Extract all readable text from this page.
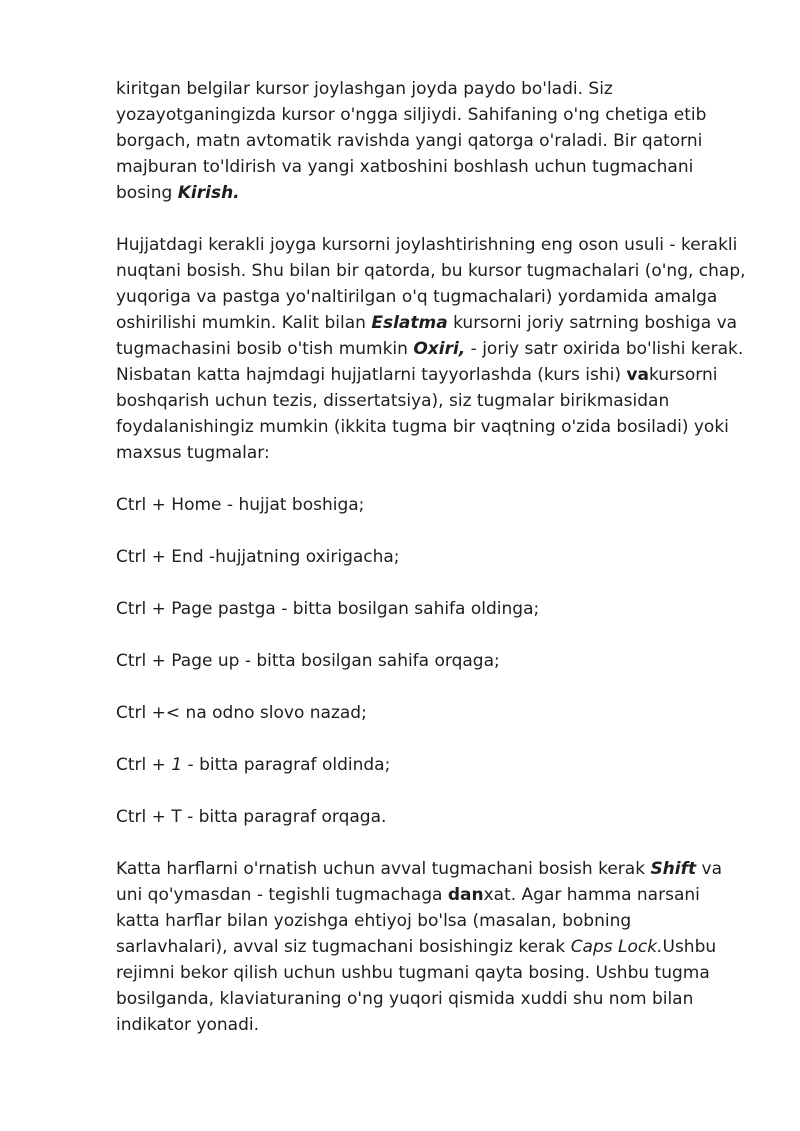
kiritgan belgilar kursor joylashgan joyda paydo bo'ladi. Siz yozayotganingizda kursor o'ngga siljiydi. Sahifaning o'ng chetiga etib borgach, matn avtomatik ravishda yangi qatorga o'raladi. Bir qatorni majburan to'ldirish va yangi xatboshini boshlash uchun tugmachani bosing Kirish.

Hujjatdagi kerakli joyga kursorni joylashtirishning eng oson usuli - kerakli nuqtani bosish. Shu bilan bir qatorda, bu kursor tugmachalari (o'ng, chap, yuqoriga va pastga yo'naltirilgan o'q tugmachalari) yordamida amalga oshirilishi mumkin. Kalit bilan Eslatma kursorni joriy satrning boshiga va tugmachasini bosib o'tish mumkin Oxiri, - joriy satr oxirida bo'lishi kerak. Nisbatan katta hajmdagi hujjatlarni tayyorlashda (kurs ishi) vakursorni boshqarish uchun tezis, dissertatsiya), siz tugmalar birikmasidan foydalanishingiz mumkin (ikkita tugma bir vaqtning o'zida bosiladi) yoki maxsus tugmalar:

Ctrl + Home - hujjat boshiga;

Ctrl + End -hujjatning oxirigacha;

Ctrl + Page pastga - bitta bosilgan sahifa oldinga;

Ctrl + Page up - bitta bosilgan sahifa orqaga;

Ctrl +< na odno slovo nazad;

Ctrl + 1 - bitta paragraf oldinda;

Ctrl + T - bitta paragraf orqaga.

Katta harflarni o'rnatish uchun avval tugmachani bosish kerak Shift va uni qo'ymasdan - tegishli tugmachaga danxat. Agar hamma narsani katta harflar bilan yozishga ehtiyoj bo'lsa (masalan, bobning sarlavhalari), avval siz tugmachani bosishingiz kerak Caps Lock.Ushbu rejimni bekor qilish uchun ushbu tugmani qayta bosing. Ushbu tugma bosilganda, klaviaturaning o'ng yuqori qismida xuddi shu nom bilan indikator yonadi.
